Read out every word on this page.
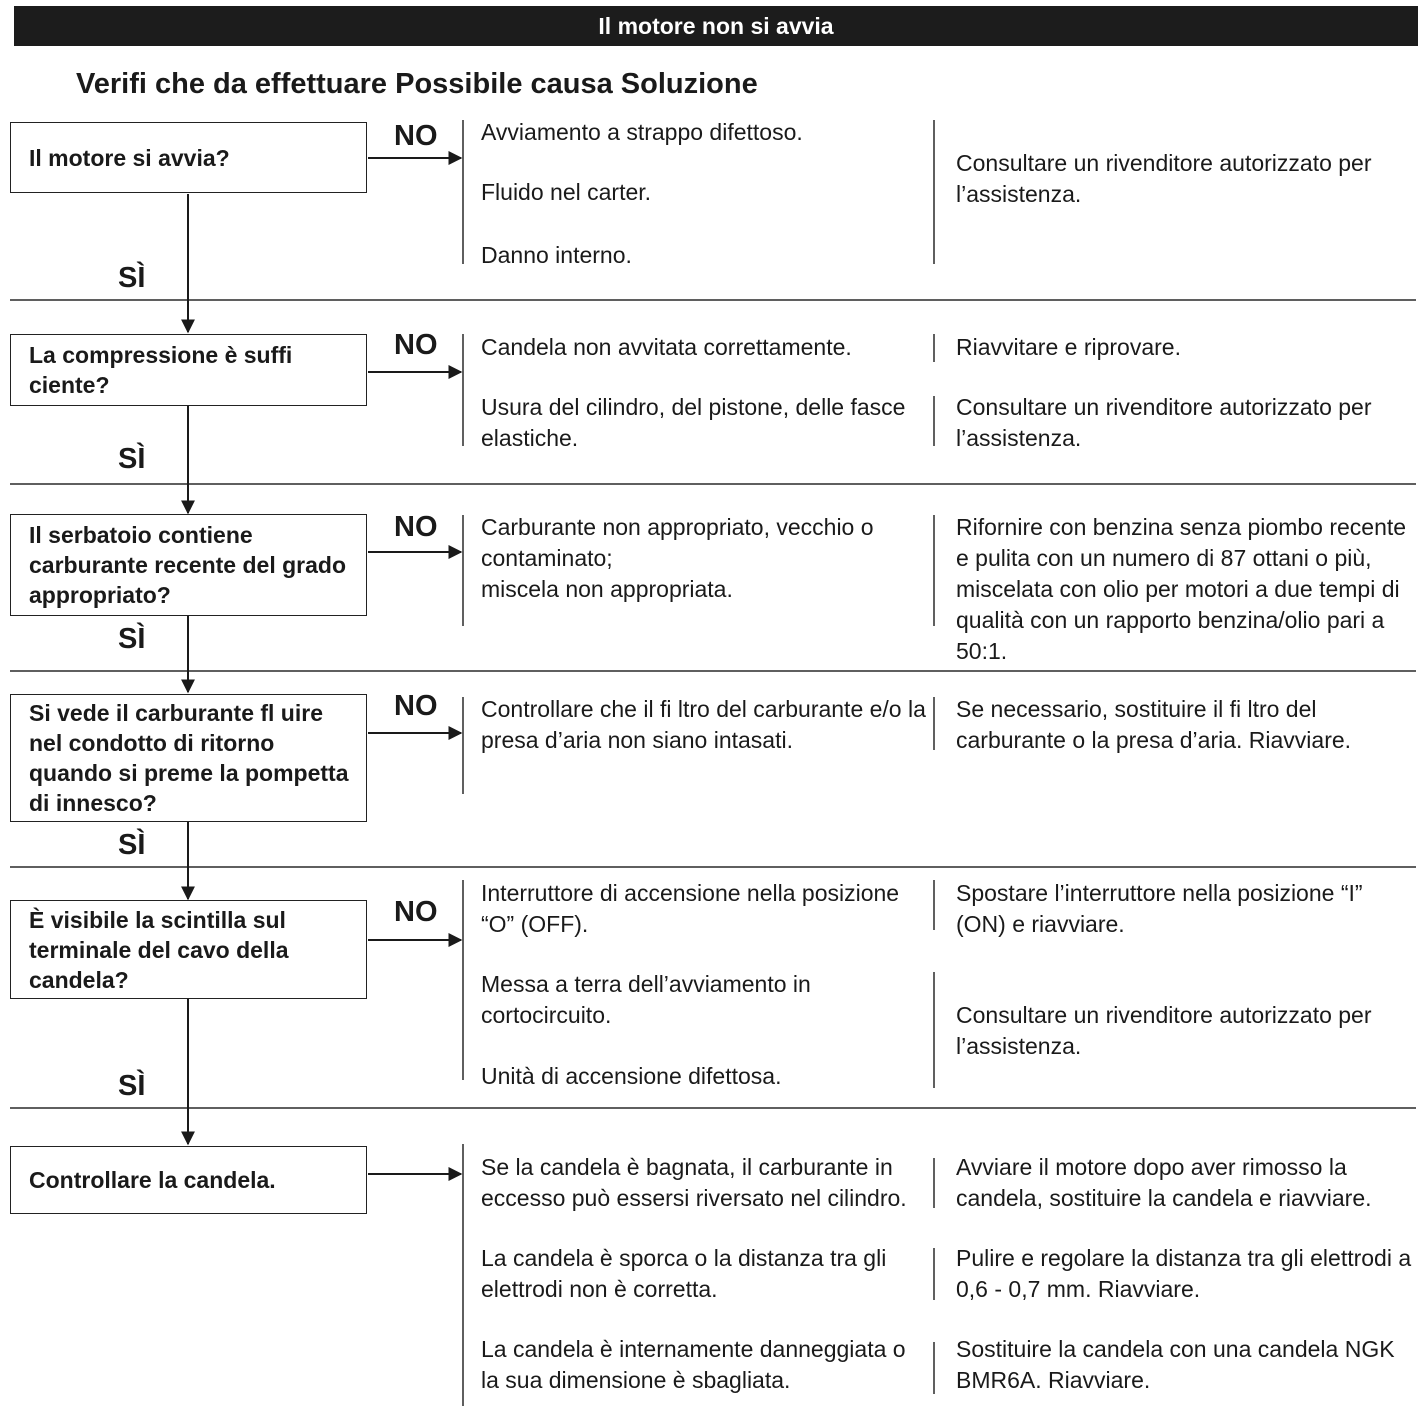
Il motore non si avvia
Verifi che da effettuare Possibile causa Soluzione
Il motore si avvia?
NO
SÌ
Avviamento a strappo difettoso.
Fluido nel carter.
Danno interno.
Consultare un rivenditore autorizzato per
l’assistenza.
La compressione è suffi ciente?
NO
SÌ
Candela non avvitata correttamente.
Usura del cilindro, del pistone, delle fasce
elastiche.
Riavvitare e riprovare.
Consultare un rivenditore autorizzato per
l’assistenza.
Il serbatoio contiene carburante recente del grado appropriato?
NO
SÌ
Carburante non appropriato, vecchio o
contaminato;
miscela non appropriata.
Rifornire con benzina senza piombo recente
e pulita con un numero di 87 ottani o più,
miscelata con olio per motori a due tempi di
qualità con un rapporto benzina/olio pari a
50:1.
Si vede il carburante fl uire nel condotto di ritorno quando si preme la pompetta di innesco?
NO
SÌ
Controllare che il fi ltro del carburante e/o la
presa d’aria non siano intasati.
Se necessario, sostituire il fi ltro del
carburante o la presa d’aria. Riavviare.
È visibile la scintilla sul terminale del cavo della candela?
NO
SÌ
Interruttore di accensione nella posizione
“O” (OFF).
Messa a terra dell’avviamento in
cortocircuito.
Unità di accensione difettosa.
Spostare l’interruttore nella posizione “I”
(ON) e riavviare.
Consultare un rivenditore autorizzato per
l’assistenza.
Controllare la candela.	Se la candela è bagnata, il carburante in
eccesso può essersi riversato nel cilindro.
La candela è sporca o la distanza tra gli
elettrodi non è corretta.
La candela è internamente danneggiata o
la sua dimensione è sbagliata.
Avviare il motore dopo aver rimosso la
candela, sostituire la candela e riavviare.
Pulire e regolare la distanza tra gli elettrodi a
0,6 - 0,7 mm. Riavviare.
Sostituire la candela con una candela NGK
BMR6A. Riavviare.
